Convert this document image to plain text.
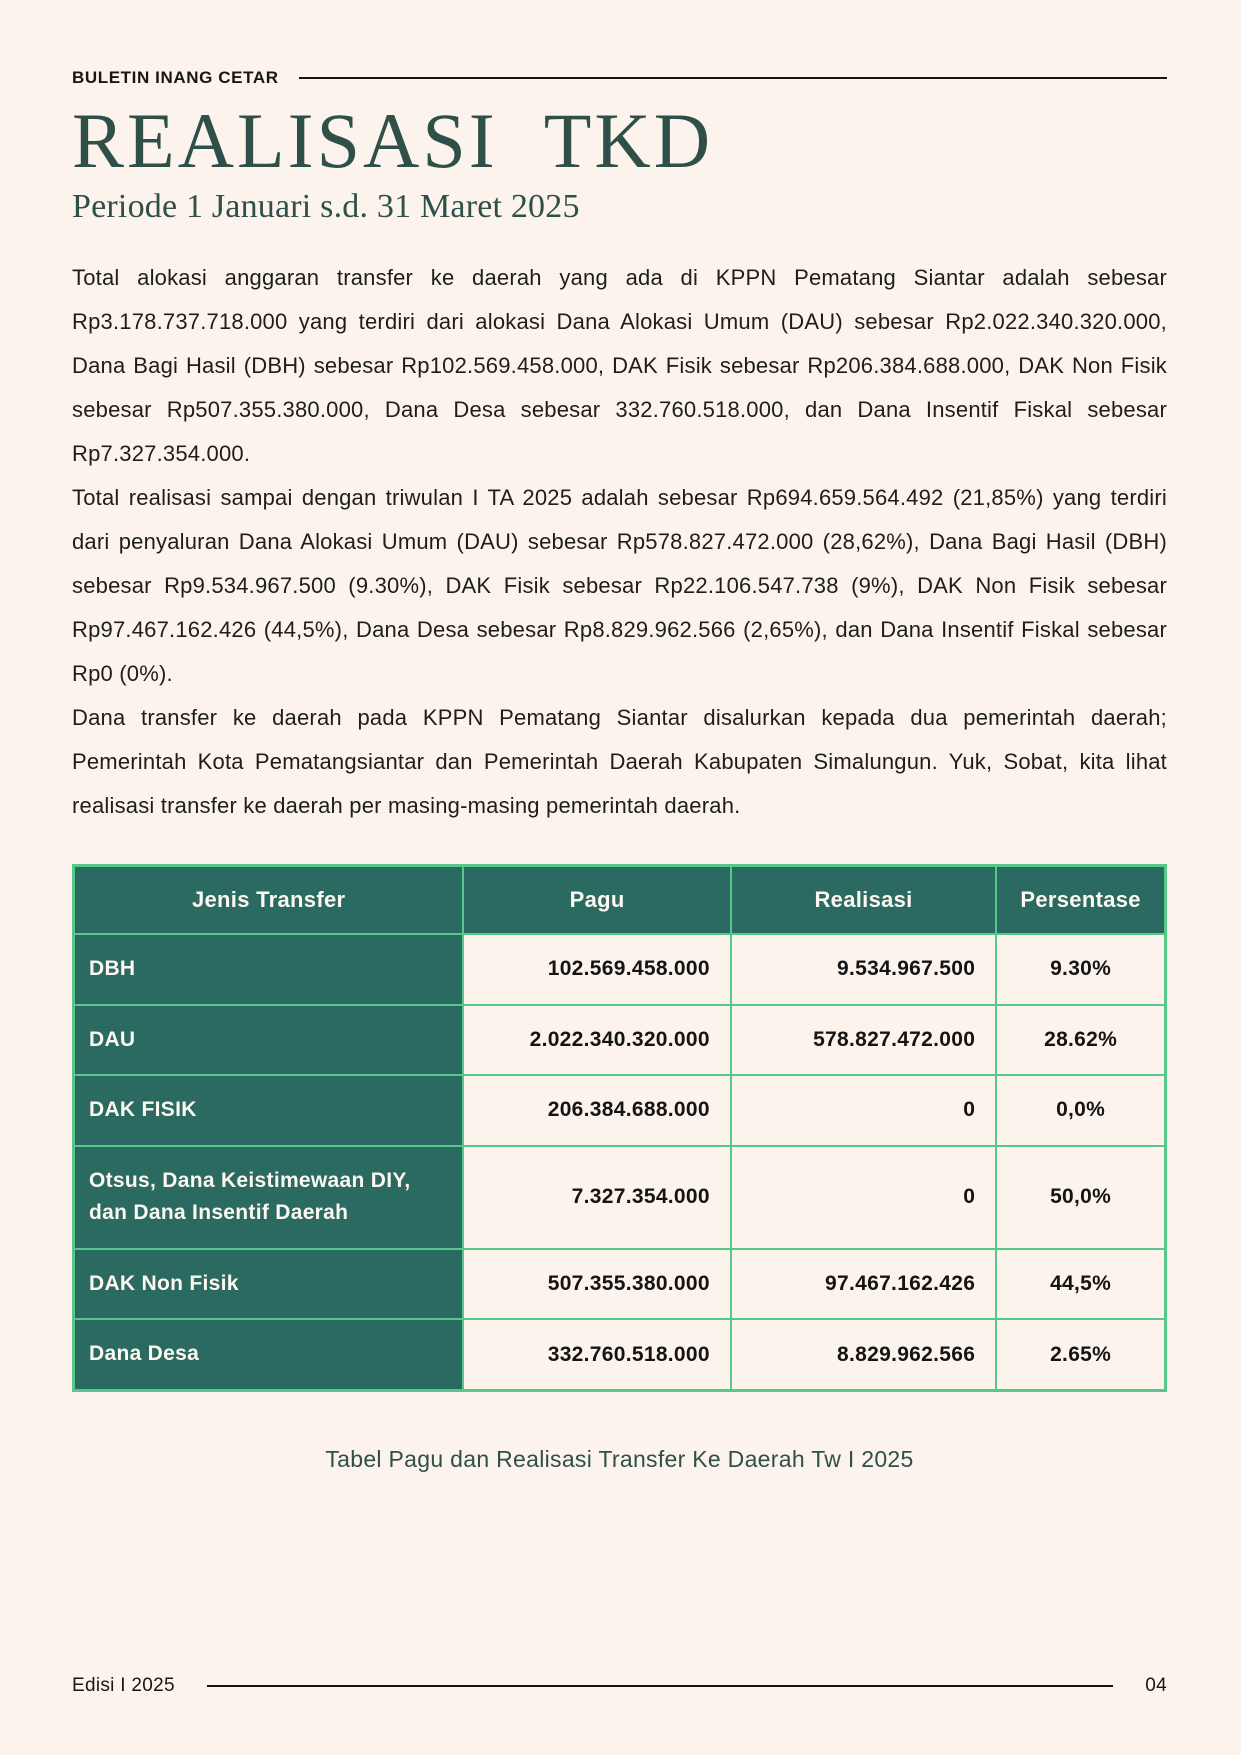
BULETIN INANG CETAR
REALISASI TKD
Periode 1 Januari s.d. 31 Maret 2025

Total alokasi anggaran transfer ke daerah yang ada di KPPN Pematang Siantar adalah sebesar Rp3.178.737.718.000 yang terdiri dari alokasi Dana Alokasi Umum (DAU) sebesar Rp2.022.340.320.000, Dana Bagi Hasil (DBH) sebesar Rp102.569.458.000, DAK Fisik sebesar Rp206.384.688.000, DAK Non Fisik sebesar Rp507.355.380.000, Dana Desa sebesar 332.760.518.000, dan Dana Insentif Fiskal sebesar Rp7.327.354.000.

Total realisasi sampai dengan triwulan I TA 2025 adalah sebesar Rp694.659.564.492 (21,85%) yang terdiri dari penyaluran Dana Alokasi Umum (DAU) sebesar Rp578.827.472.000 (28,62%), Dana Bagi Hasil (DBH) sebesar Rp9.534.967.500 (9.30%), DAK Fisik sebesar Rp22.106.547.738 (9%), DAK Non Fisik sebesar Rp97.467.162.426 (44,5%), Dana Desa sebesar Rp8.829.962.566 (2,65%), dan Dana Insentif Fiskal sebesar Rp0 (0%).

Dana transfer ke daerah pada KPPN Pematang Siantar disalurkan kepada dua pemerintah daerah; Pemerintah Kota Pematangsiantar dan Pemerintah Daerah Kabupaten Simalungun. Yuk, Sobat, kita lihat realisasi transfer ke daerah per masing-masing pemerintah daerah.

Jenis Transfer	Pagu	Realisasi	Persentase
DBH	102.569.458.000	9.534.967.500	9.30%
DAU	2.022.340.320.000	578.827.472.000	28.62%
DAK FISIK	206.384.688.000	0	0,0%
Otsus, Dana Keistimewaan DIY, dan Dana Insentif Daerah	7.327.354.000	0	50,0%
DAK Non Fisik	507.355.380.000	97.467.162.426	44,5%
Dana Desa	332.760.518.000	8.829.962.566	2.65%
Tabel Pagu dan Realisasi Transfer Ke Daerah Tw I 2025
Edisi I 2025	04
